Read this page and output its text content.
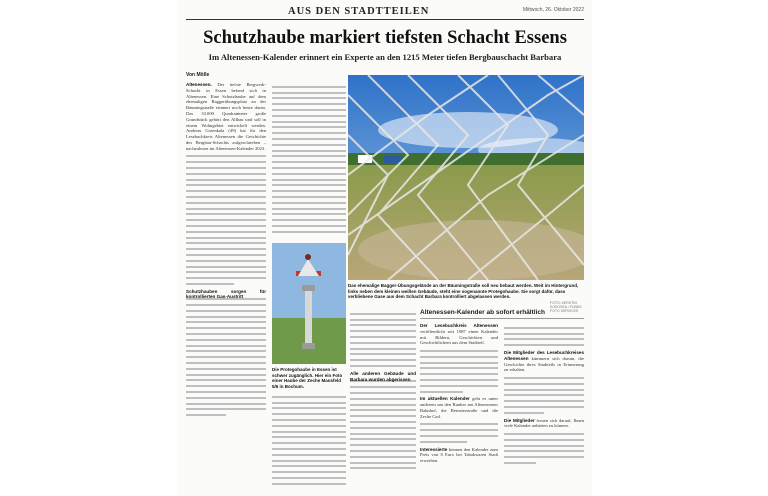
AUS DEN STADTTEILEN	Mittwoch, 26. Oktober 2022
Schutzhaube markiert tiefsten Schacht Essens
Im Altenessen-Kalender erinnert ein Experte an den 1215 Meter tiefen Bergbauschacht Barbara
Von Mölle

Altenessen. Der tiefste Bergwerk-Schacht in Essen befand sich in Altenessen. Eine Schutzhaube auf dem ehemaligen Baggerübungsplatz an der Bäumingstraße erinnert noch heute daran. Das 33.000 Quadratmeter große Grundstück gehört den Allbau und soll in einem Wohngebiet entwickelt werden. Andreas Grzenkala (49) hat für den Lesebuchkreis Altenessen die Geschichte des Bergbau-Schachts aufgeschrieben – nachzulesen im Altenessen-Kalender 2023.

Schutzhauben sorgen für kontrollierten Gas-Austritt
Das ehemalige Bagger-Übungsgelände an der Bäumingstraße soll neu bebaut werden. Weit im Hintergrund, links neben dem kleinen weißen Gebäude, steht eine sogenannte Protegohaube. Sie sorgt dafür, dass verbliebene Gase aus dem Schacht Barbara kontrolliert abgelassen werden.
FOTO: KERSTIN KOKOSKA / FUNKE FOTO SERVICES
Die Protegohaube in Essen ist schwer zugänglich. Hier ein Foto einer Haube der Zeche Mansfeld 5/6 in Bochum.
Alle anderen Gebäude und Barbara wurden abgerissen
Altenessen-Kalender ab sofort erhältlich

Der Lesebuchkreis Altenessen veröffentlicht seit 1987 einen Kalender mit Bildern, Geschichten und Geschichtlichem aus dem Stadtteil.

Im aktuellen Kalender geht es unter anderem um den Bunker am Altenessener Bahnhof, die Bernsterstraße und die Zeche Carl.

Interessierte können den Kalender zum Preis von 8 Euro bei Tabakwaren Stadt erwerben.

Die Mitglieder des Lesebuchkreises Altenessen kümmern sich darum, die Geschichte ihres Stadtteils in Erinnerung zu erhalten.

Die Mitglieder freuen sich darauf, Ihnen viele Kalender anbieten zu können.
